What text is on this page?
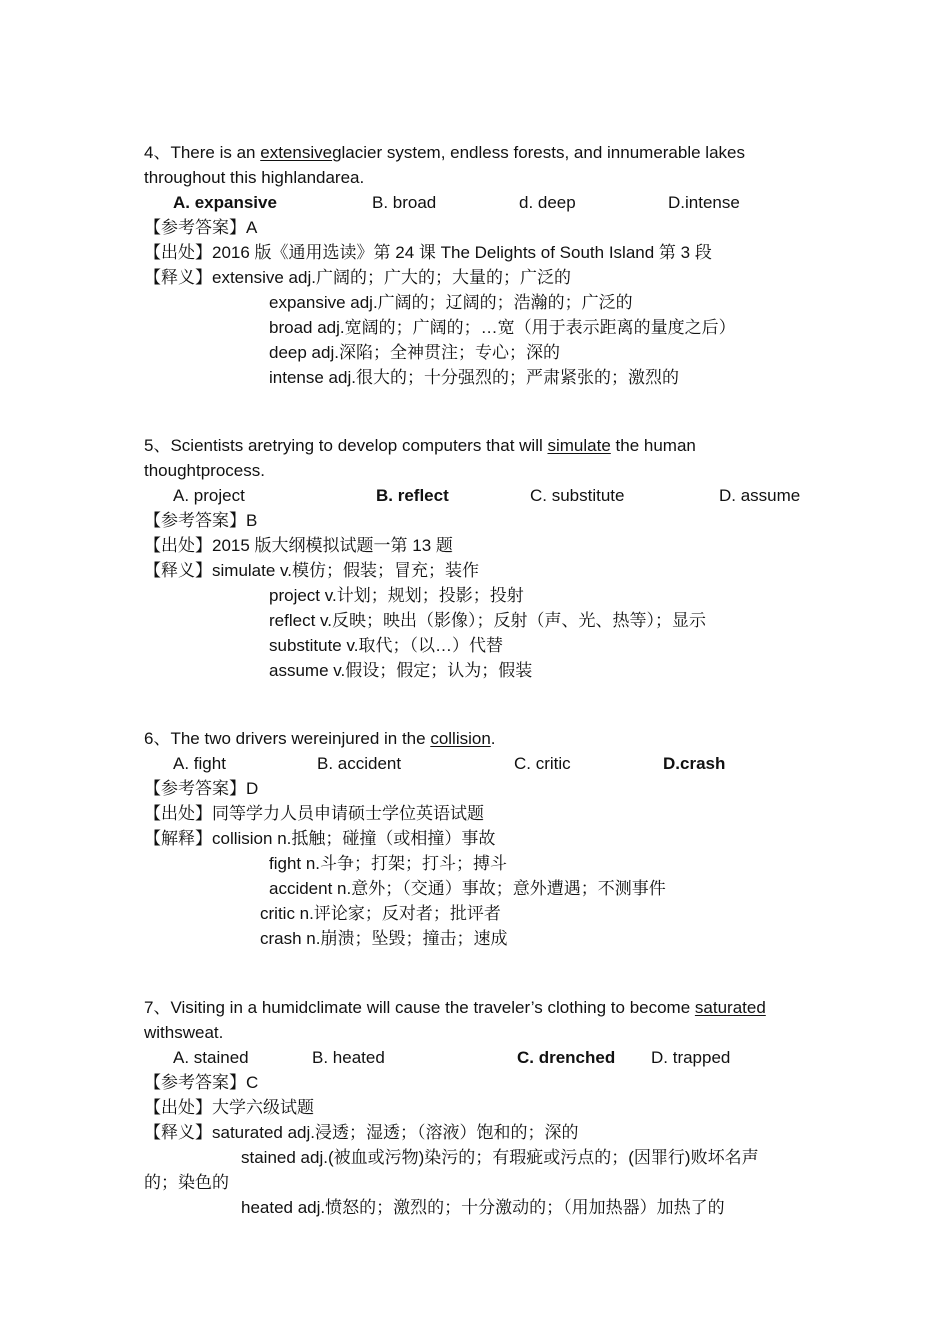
4、There is an extensiveglacier system, endless forests, and innumerable lakes
throughout this highlandarea.
A. expansive	B. broad	d. deep	D.intense
【参考答案】A
【出处】2016 版《通用选读》第 24 课 The Delights of South Island 第 3 段
【释义】extensive adj.广阔的；广大的；大量的；广泛的
expansive adj.广阔的；辽阔的；浩瀚的；广泛的
broad adj.宽阔的；广阔的；…宽（用于表示距离的量度之后）
deep adj.深陷；全神贯注；专心；深的
intense adj.很大的；十分强烈的；严肃紧张的；激烈的
5、Scientists aretrying to develop computers that will simulate the human
thoughtprocess.
A. project	B. reflect	C. substitute	D. assume
【参考答案】B
【出处】2015 版大纲模拟试题一第 13 题
【释义】simulate v.模仿；假装；冒充；装作
project v.计划；规划；投影；投射
reflect v.反映；映出（影像）；反射（声、光、热等）；显示
substitute v.取代；（以…）代替
assume v.假设；假定；认为；假装
6、The two drivers wereinjured in the collision.
A. fight	B. accident	C. critic	D.crash
【参考答案】D
【出处】同等学力人员申请硕士学位英语试题
【解释】collision n.抵触；碰撞（或相撞）事故
fight n.斗争；打架；打斗；搏斗
accident n.意外；（交通）事故；意外遭遇；不测事件
critic n.评论家；反对者；批评者
crash n.崩溃；坠毁；撞击；速成
7、Visiting in a humidclimate will cause the traveler’s clothing to become saturated
withsweat.
A. stained	B. heated	C. drenched D. trapped
【参考答案】C
【出处】大学六级试题
【释义】saturated adj.浸透；湿透；（溶液）饱和的；深的
stained adj.(被血或污物)染污的；有瑕疵或污点的；(因罪行)败坏名声
的；染色的
heated adj.愤怒的；激烈的；十分激动的；（用加热器）加热了的
